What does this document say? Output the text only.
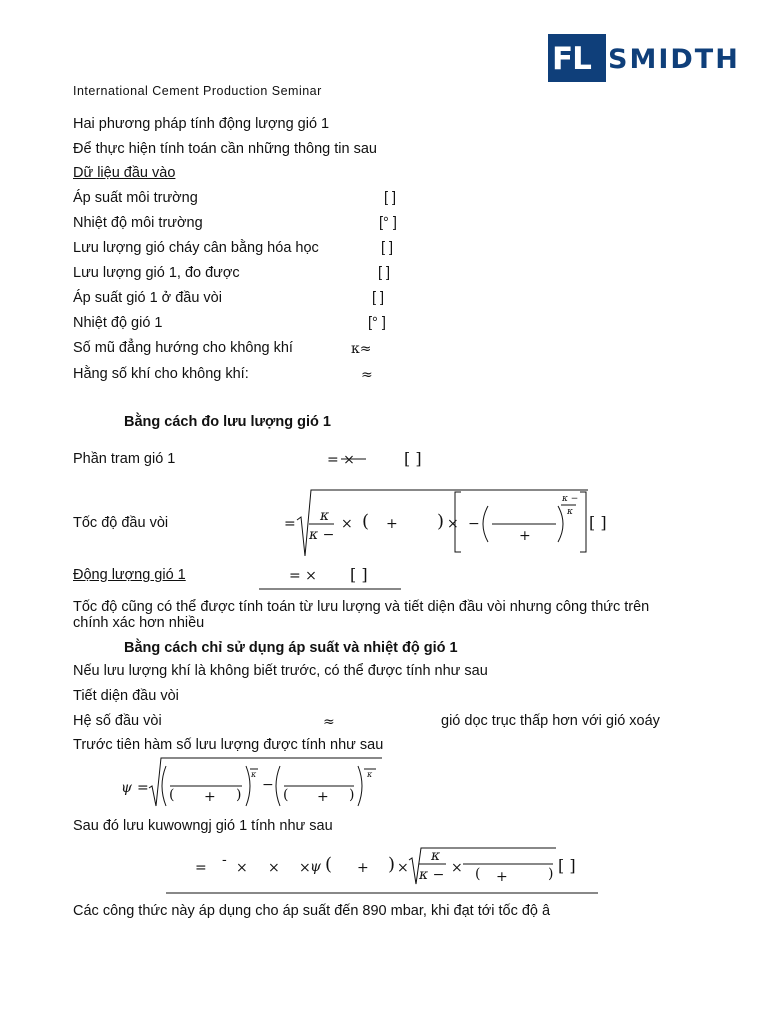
International Cement Production Seminar
FL SMIDTH
Hai phương pháp tính động lượng gió 1
Để thực hiện tính toán cần những thông tin sau
Dữ liệu đầu vào
Áp suất môi trường	[ ]
Nhiệt độ môi trường	[° ]
Lưu lượng gió cháy cân bằng hóa học	[ ]
Lưu lượng gió 1, đo được	[ ]
Áp suất gió 1 ở đầu vòi	[ ]
Nhiệt độ gió 1	[° ]
Số mũ đẳng hướng cho không khí	κ≈
Hằng số khí cho không khí:	≈
Bằng cách đo lưu lượng gió 1
Phần tram gió 1	= ×	[ ]
Tốc độ đầu vòi	= κ
κ −
× ( + ) × −
+
κ −
κ
[ ]
Động lượng gió 1	= × [ ]
Tốc độ cũng có thể được tính toán từ lưu lượng và tiết diện đầu vòi nhưng công thức trên
chính xác hơn nhiều
Bằng cách chỉ sử dụng áp suất và nhiệt độ gió 1
Nếu lưu lượng khí là không biết trước, có thể được tính như sau
Tiết diện đầu vòi
Hệ số đầu vòi	≈	gió dọc trục thấp hơn với gió xoáy
Trước tiên hàm số lưu lượng được tính như sau
ψ = ( + )
−
( + )
κ	κ
Sau đó lưu kuwowngj gió 1 tính như sau
= - × × × ψ ( + ) ×
κ
κ − × ( +	) [ ]
Các công thức này áp dụng cho áp suất đến 890 mbar, khi đạt tới tốc độ â
